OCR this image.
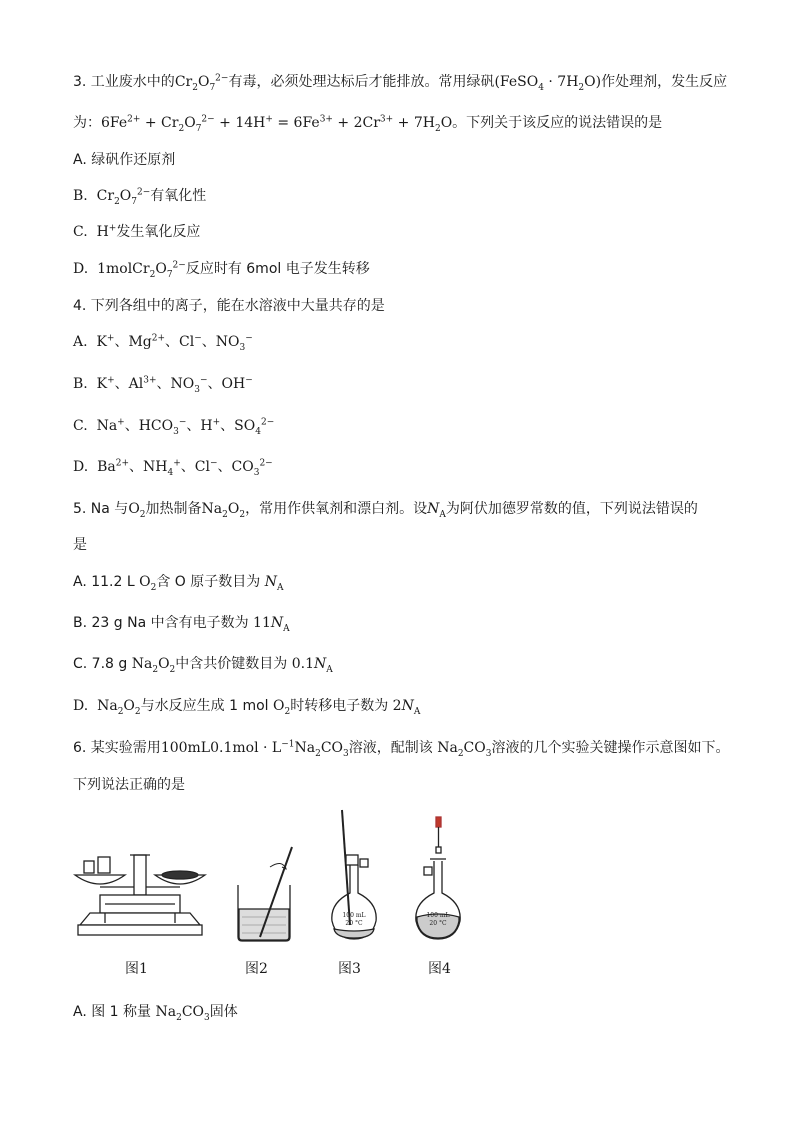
3. 工业废水中的$Cr_2O_7^{2-}$有毒，必须处理达标后才能排放。常用绿矾(FeSO$_4$ · $7H_2O$)作处理剂，发生反应
为：$6Fe^{2+} + Cr_2O_7^{2-} + 14H^+ = 6Fe^{3+} + 2Cr^{3+} + 7H_2O$。下列关于该反应的说法错误的是
A. 绿矾作还原剂
B.  $Cr_2O_7^{2-}$有氧化性
C.  H+发生氧化反应
D.  $1molCr_2O_7^{2-}$反应时有 6mol 电子发生转移
4. 下列各组中的离子，能在水溶液中大量共存的是
A.  K+、$Mg^{2+}$、Cl−、$NO_3^-$
B.  K+、$Al^{3+}$、$NO_3^-$、OH−
C.  Na+、$HCO_3^-$、H+、$SO_4^{2-}$
D.  $Ba^{2+}$、$NH_4^+$、Cl−、$CO_3^{2-}$
5. Na 与$O_2$加热制备$Na_2O_2$，常用作供氧剂和漂白剂。设$N_A$为阿伏加德罗常数的值，下列说法错误的
是
A. 11.2 L $O_2$含 O 原子数目为 $N_A$
B. 23 g Na 中含有电子数为 $11N_A$
C. 7.8 g $Na_2O_2$中含共价键数目为 $0.1N_A$
D.  $Na_2O_2$与水反应生成 1 mol $O_2$时转移电子数为 $2N_A$
6. 某实验需用$100mL0.1mol \cdot L^{-1}Na_2CO_3$溶液，配制该 $Na_2CO_3$溶液的几个实验关键操作示意图如下。
下列说法正确的是
100 mL
20 °C
100 mL
20 °C
图1	图2	图3	图4
A. 图 1 称量 $Na_2CO_3$固体
